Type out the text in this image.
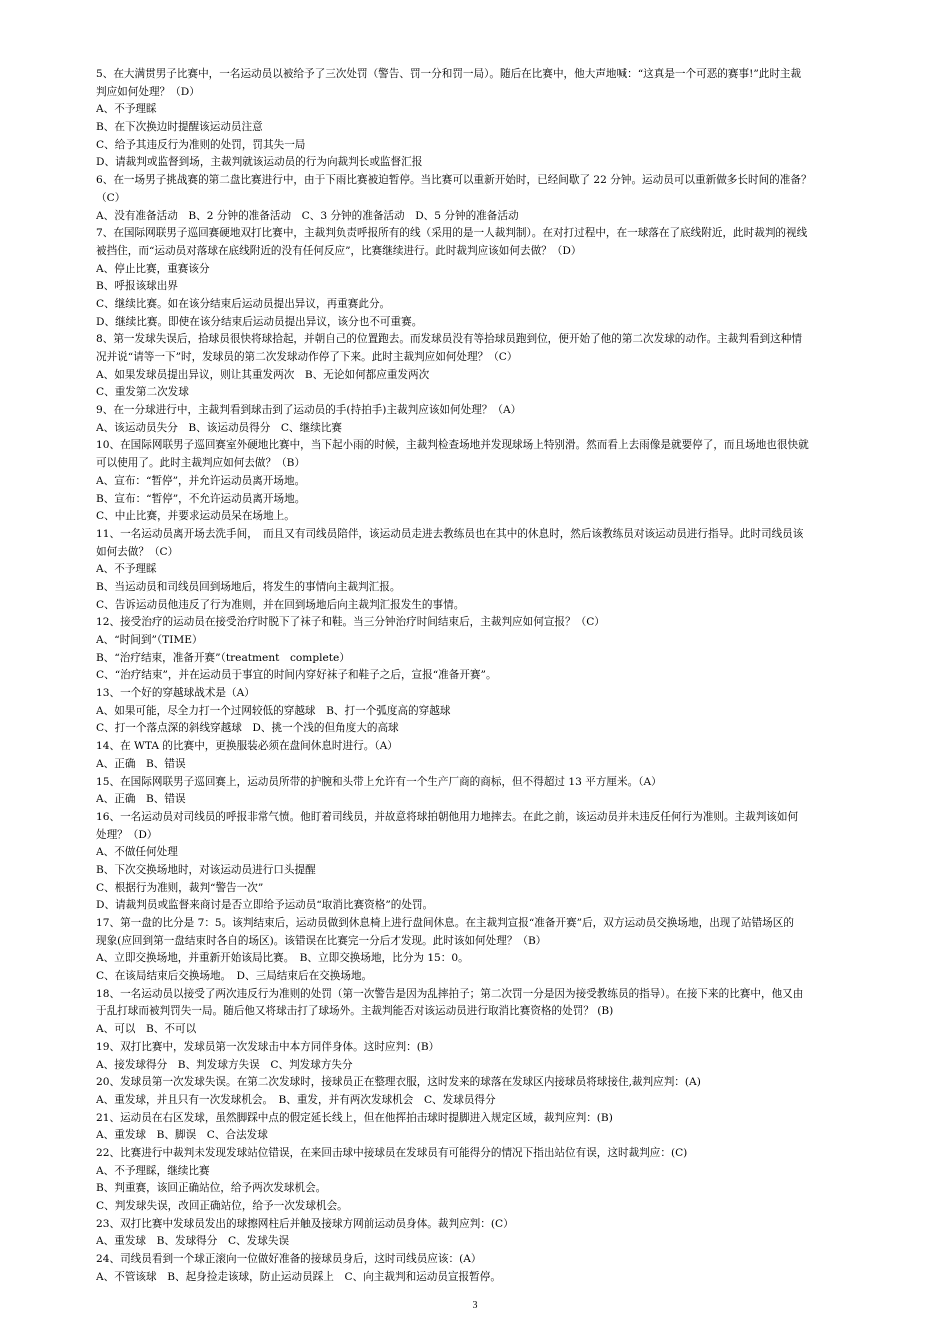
5、在大满贯男子比赛中，一名运动员以被给予了三次处罚（警告、罚一分和罚一局）。随后在比赛中，他大声地喊：“这真是一个可恶的赛事!”此时主裁
判应如何处理？（D）
A、不予理睬
B、在下次换边时提醒该运动员注意
C、给予其违反行为准则的处罚，罚其失一局
D、请裁判或监督到场，主裁判就该运动员的行为向裁判长或监督汇报
6、在一场男子挑战赛的第二盘比赛进行中，由于下雨比赛被迫暂停。当比赛可以重新开始时，已经间歇了 22 分钟。运动员可以重新做多长时间的准备？
（C）
A、没有准备活动　B、2 分钟的准备活动　C、3 分钟的准备活动　D、5 分钟的准备活动
7、在国际网联男子巡回赛硬地双打比赛中，主裁判负责呼报所有的线（采用的是一人裁判制）。在对打过程中，在一球落在了底线附近，此时裁判的视线
被挡住，而“运动员对落球在底线附近的没有任何反应”，比赛继续进行。此时裁判应该如何去做？（D）
A、停止比赛，重赛该分
B、呼报该球出界
C、继续比赛。如在该分结束后运动员提出异议，再重赛此分。
D、继续比赛。即使在该分结束后运动员提出异议，该分也不可重赛。
8、第一发球失误后，拾球员很快将球拾起，并朝自己的位置跑去。而发球员没有等拾球员跑到位，便开始了他的第二次发球的动作。主裁判看到这种情
况并说“请等一下”时，发球员的第二次发球动作停了下来。此时主裁判应如何处理？（C）
A、如果发球员提出异议，则让其重发两次　B、无论如何都应重发两次
C、重发第二次发球
9、在一分球进行中，主裁判看到球击到了运动员的手(持拍手)主裁判应该如何处理？（A）
A、该运动员失分　B、该运动员得分　C、继续比赛
10、在国际网联男子巡回赛室外硬地比赛中，当下起小雨的时候，主裁判检查场地并发现球场上特别滑。然而看上去雨像是就要停了，而且场地也很快就
可以使用了。此时主裁判应如何去做？（B）
A、宣布：“暂停”，并允许运动员离开场地。
B、宣布：“暂停”，不允许运动员离开场地。
C、中止比赛，并要求运动员呆在场地上。
11、一名运动员离开场去洗手间，　而且又有司线员陪伴，该运动员走进去教练员也在其中的休息时，然后该教练员对该运动员进行指导。此时司线员该
如何去做？（C）
A、不予理睬
B、当运动员和司线员回到场地后，将发生的事情向主裁判汇报。
C、告诉运动员他违反了行为准则，并在回到场地后向主裁判汇报发生的事情。
12、接受治疗的运动员在接受治疗时脱下了袜子和鞋。当三分钟治疗时间结束后，主裁判应如何宣报？（C）
A、“时间到”（TIME）
B、“治疗结束，准备开赛”（treatment　complete）
C、“治疗结束”，并在运动员于事宜的时间内穿好袜子和鞋子之后，宣报“准备开赛”。
13、一个好的穿越球战术是（A）
A、如果可能，尽全力打一个过网较低的穿越球　B、打一个弧度高的穿越球
C、打一个落点深的斜线穿越球　D、挑一个浅的但角度大的高球
14、在 WTA 的比赛中，更换服装必须在盘间休息时进行。（A）
A、正确　B、错误
15、在国际网联男子巡回赛上，运动员所带的护腕和头带上允许有一个生产厂商的商标，但不得超过 13 平方厘米。（A）
A、正确　B、错误
16、一名运动员对司线员的呼报非常气愤。他盯着司线员，并故意将球拍朝他用力地摔去。在此之前，该运动员并未违反任何行为准则。主裁判该如何
处理？（D）
A、不做任何处理
B、下次交换场地时，对该运动员进行口头提醒
C、根据行为准则，裁判“警告一次”
D、请裁判员或监督来商讨是否立即给予运动员“取消比赛资格”的处罚。
17、第一盘的比分是 7：5。该判结束后，运动员做到休息椅上进行盘间休息。在主裁判宣报“准备开赛”后，双方运动员交换场地，出现了站错场区的
现象(应回到第一盘结束时各自的场区)。该错误在比赛完一分后才发现。此时该如何处理？（B）
A、立即交换场地，并重新开始该局比赛。　B、立即交换场地，比分为 15：0。
C、在该局结束后交换场地。　D、三局结束后在交换场地。
18、一名运动员以接受了两次违反行为准则的处罚（第一次警告是因为乱摔拍子；第二次罚一分是因为接受教练员的指导）。在接下来的比赛中，他又由
于乱打球而被判罚失一局。随后他又将球击打了球场外。主裁判能否对该运动员进行取消比赛资格的处罚？ (B)
A、可以　B、不可以
19、双打比赛中，发球员第一次发球击中本方同伴身体。这时应判：(B）
A、接发球得分　B、判发球方失误　C、判发球方失分
20、发球员第一次发球失误。在第二次发球时，接球员正在整理衣服，这时发来的球落在发球区内接球员将球接住,裁判应判：(A)
A、重发球，并且只有一次发球机会。　B、重发，并有两次发球机会　C、发球员得分
21、运动员在右区发球，虽然脚踩中点的假定延长线上，但在他挥拍击球时提脚进入规定区域，裁判应判：(B)
A、重发球　B、脚误　C、合法发球
22、比赛进行中裁判未发现发球站位错误，在来回击球中接球员在发球员有可能得分的情况下指出站位有误，这时裁判应：(C)
A、不予理睬，继续比赛
B、判重赛，该回正确站位，给予两次发球机会。
C、判发球失误，改回正确站位，给予一次发球机会。
23、双打比赛中发球员发出的球擦网柱后并触及接球方网前运动员身体。裁判应判：(C）
A、重发球　B、发球得分　C、发球失误
24、司线员看到一个球正滚向一位做好准备的接球员身后，这时司线员应该：(A）
A、不管该球　B、起身捡走该球，防止运动员踩上　C、向主裁判和运动员宣报暂停。
3
